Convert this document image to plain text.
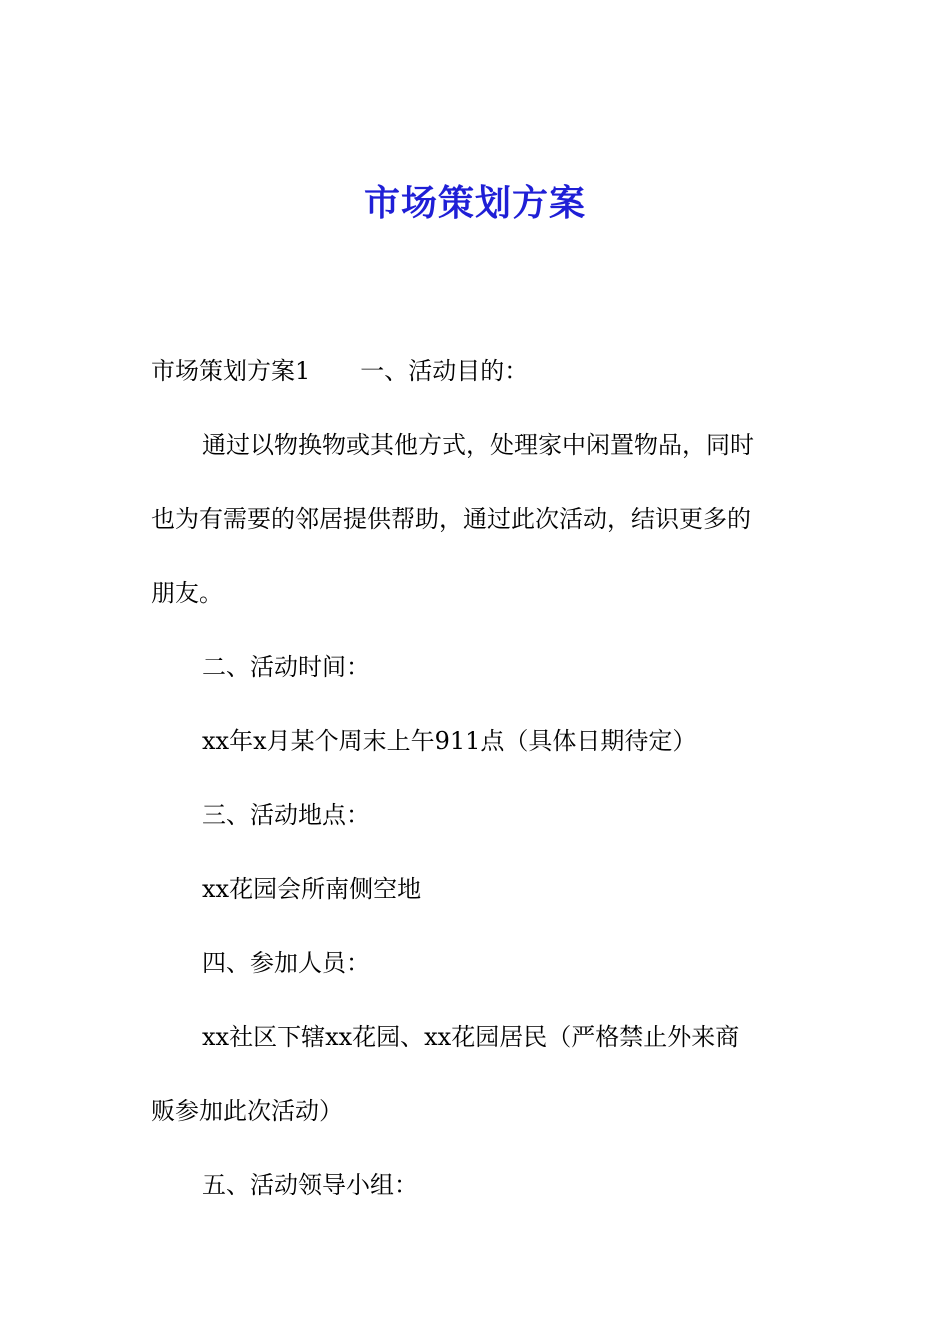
市场策划方案

市场策划方案1 一、活动目的：

通过以物换物或其他方式，处理家中闲置物品，同时

也为有需要的邻居提供帮助，通过此次活动，结识更多的

朋友。

二、活动时间：

xx年x月某个周末上午911点（具体日期待定）

三、活动地点：

xx花园会所南侧空地

四、参加人员：

xx社区下辖xx花园、xx花园居民（严格禁止外来商

贩参加此次活动）

五、活动领导小组：
